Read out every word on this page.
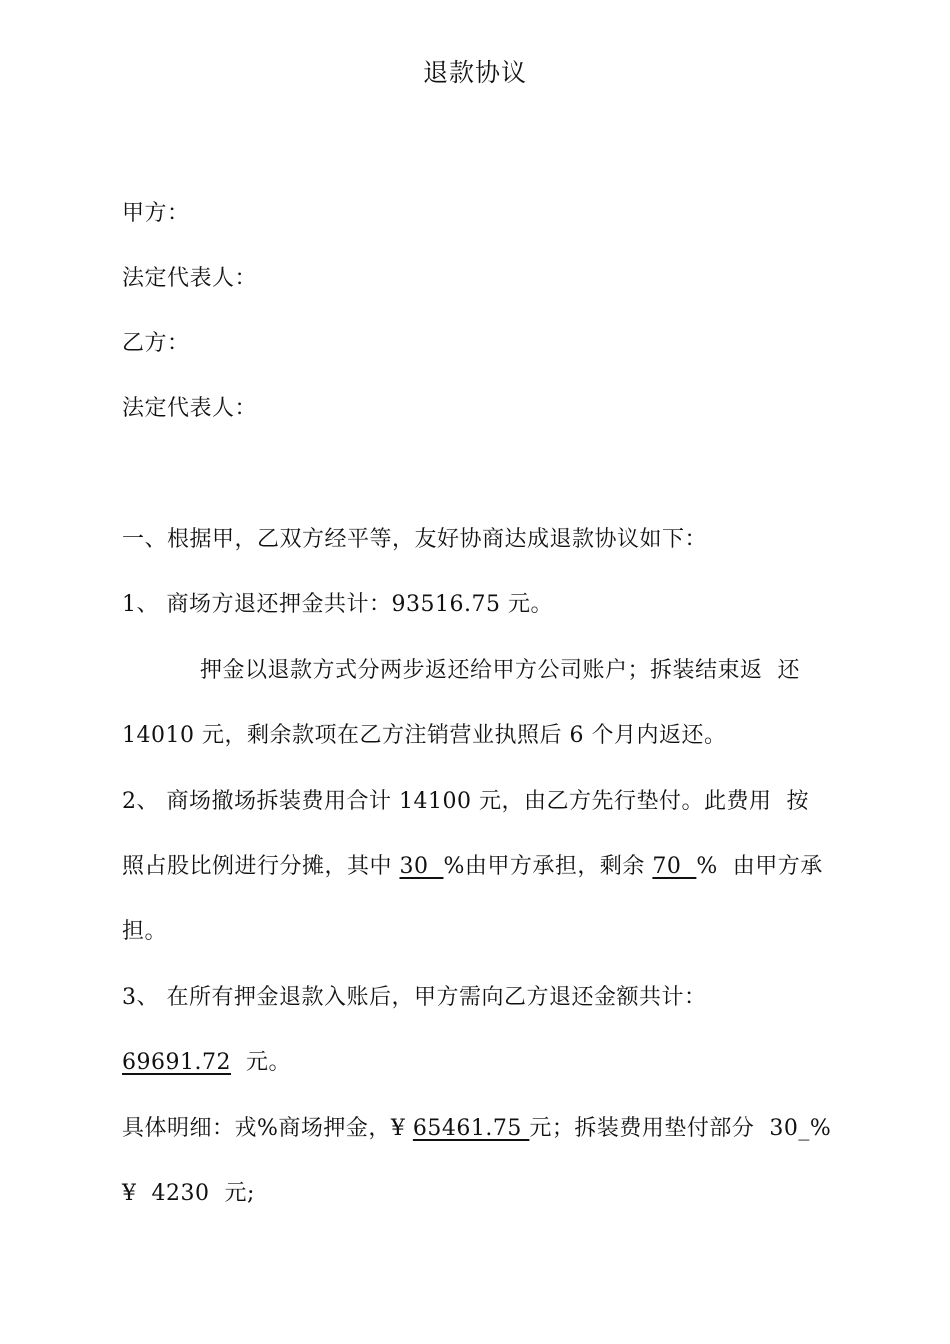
退款协议
甲方：
法定代表人：
乙方：
法定代表人：
一、根据甲，乙双方经平等，友好协商达成退款协议如下：
1、 商场方退还押金共计：93516.75 元。
押金以退款方式分两步返还给甲方公司账户；拆装结束返  还
14010 元，剩余款项在乙方注销营业执照后 6 个月内返还。
2、 商场撤场拆装费用合计 14100 元，由乙方先行垫付。此费用  按
照占股比例进行分摊，其中 30  %由甲方承担，剩余 70  %  由甲方承
担。
3、 在所有押金退款入账后，甲方需向乙方退还金额共计：
69691.72  元。
具体明细：戎%商场押金，¥ 65461.75 元；拆装费用垫付部分  30_%
¥  4230  元;
